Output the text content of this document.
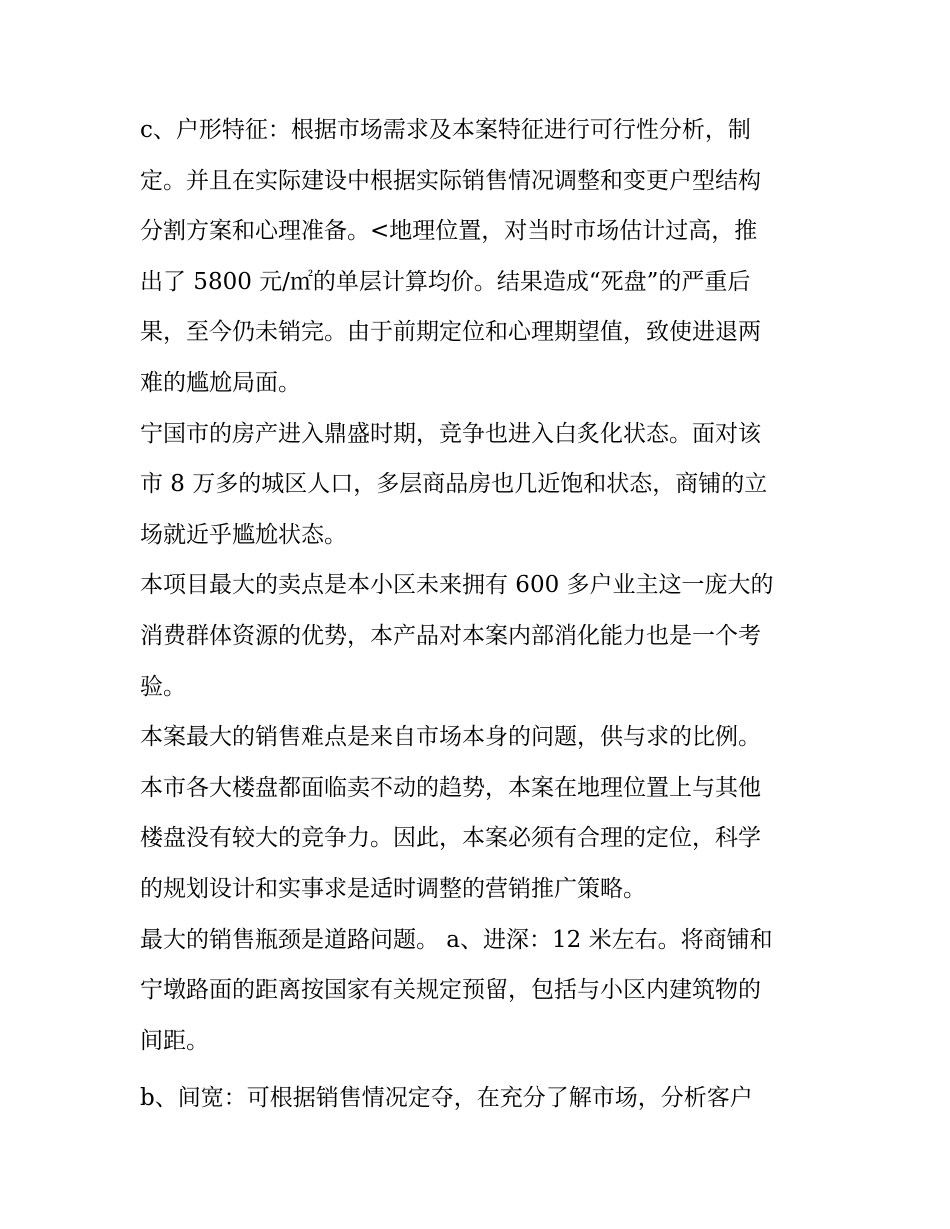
c、户形特征：根据市场需求及本案特征进行可行性分析，制
定。并且在实际建设中根据实际销售情况调整和变更户型结构
分割方案和心理准备。<地理位置，对当时市场估计过高，推
出了 5800 元/㎡的单层计算均价。结果造成“死盘”的严重后
果，至今仍未销完。由于前期定位和心理期望值，致使进退两
难的尴尬局面。
宁国市的房产进入鼎盛时期，竞争也进入白炙化状态。面对该
市 8 万多的城区人口，多层商品房也几近饱和状态，商铺的立
场就近乎尴尬状态。
本项目最大的卖点是本小区未来拥有 600 多户业主这一庞大的
消费群体资源的优势，本产品对本案内部消化能力也是一个考
验。
本案最大的销售难点是来自市场本身的问题，供与求的比例。
本市各大楼盘都面临卖不动的趋势，本案在地理位置上与其他
楼盘没有较大的竞争力。因此，本案必须有合理的定位，科学
的规划设计和实事求是适时调整的营销推广策略。
最大的销售瓶颈是道路问题。 a、进深：12 米左右。将商铺和
宁墩路面的距离按国家有关规定预留，包括与小区内建筑物的
间距。
b、间宽：可根据销售情况定夺，在充分了解市场，分析客户
